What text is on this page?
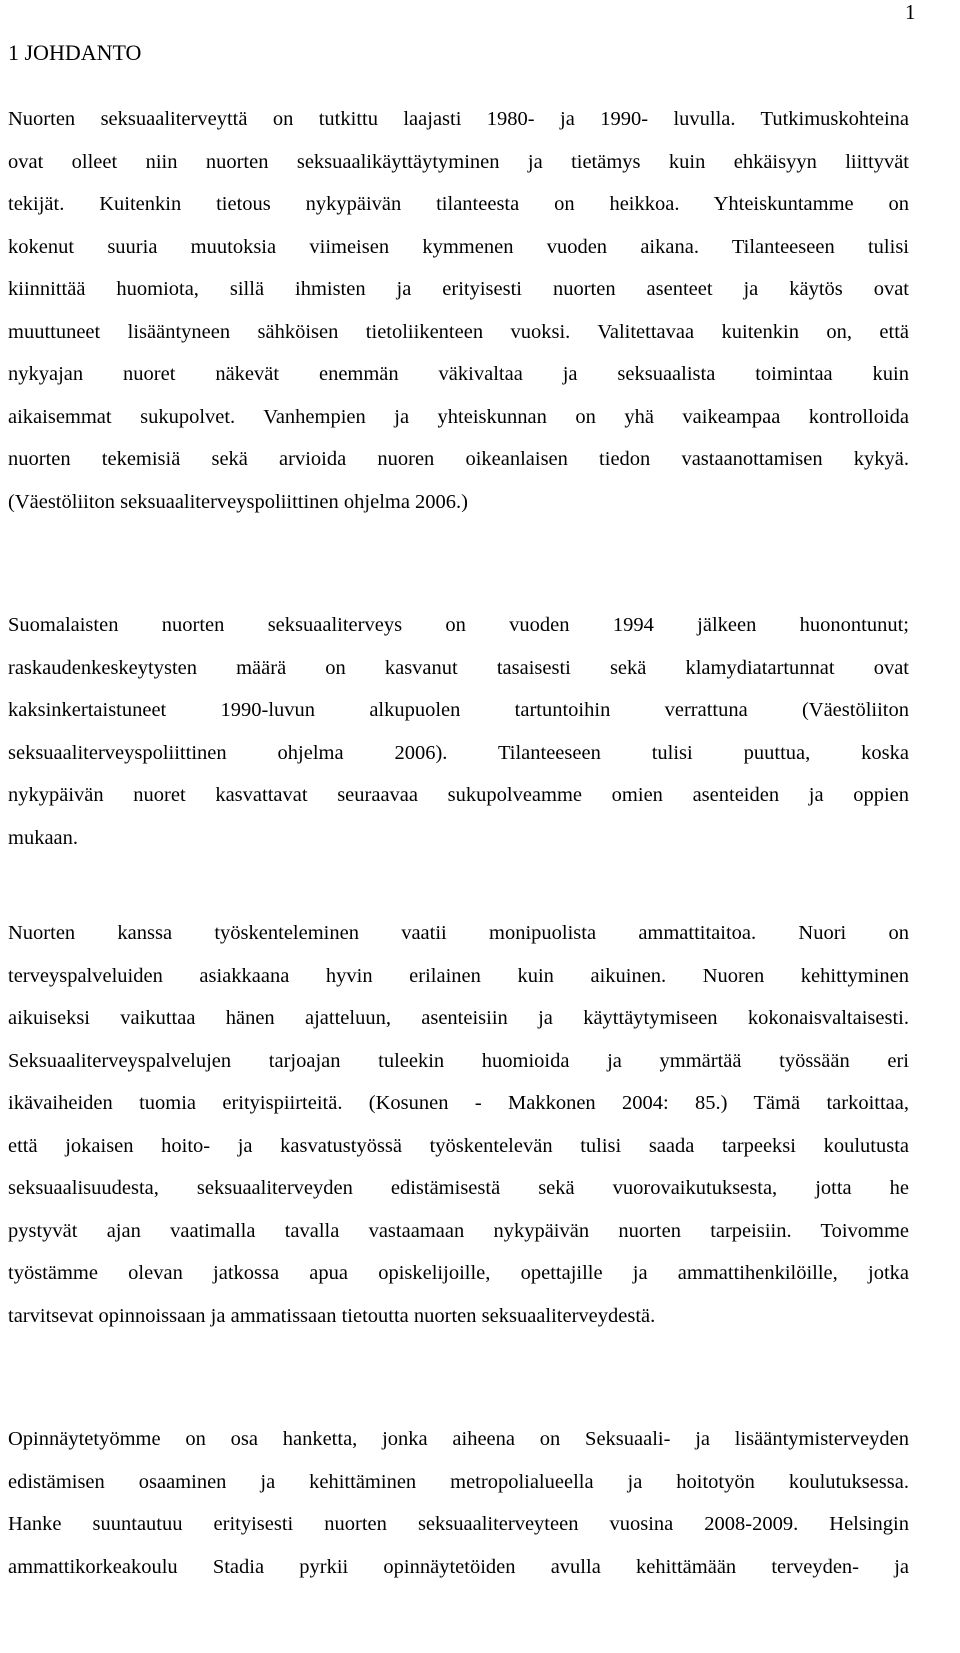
1
1 JOHDANTO
Nuorten seksuaaliterveyttä on tutkittu laajasti 1980- ja 1990- luvulla. Tutkimuskohteina
ovat olleet niin nuorten seksuaalikäyttäytyminen ja tietämys kuin ehkäisyyn liittyvät
tekijät. Kuitenkin tietous nykypäivän tilanteesta on heikkoa. Yhteiskuntamme on
kokenut suuria muutoksia viimeisen kymmenen vuoden aikana. Tilanteeseen tulisi
kiinnittää huomiota, sillä ihmisten ja erityisesti nuorten asenteet ja käytös ovat
muuttuneet lisääntyneen sähköisen tietoliikenteen vuoksi. Valitettavaa kuitenkin on, että
nykyajan nuoret näkevät enemmän väkivaltaa ja seksuaalista toimintaa kuin
aikaisemmat sukupolvet. Vanhempien ja yhteiskunnan on yhä vaikeampaa kontrolloida
nuorten tekemisiä sekä arvioida nuoren oikeanlaisen tiedon vastaanottamisen kykyä.
(Väestöliiton seksuaaliterveyspoliittinen ohjelma 2006.)
Suomalaisten nuorten seksuaaliterveys on vuoden 1994 jälkeen huonontunut;
raskaudenkeskeytysten määrä on kasvanut tasaisesti sekä klamydiatartunnat ovat
kaksinkertaistuneet 1990-luvun alkupuolen tartuntoihin verrattuna (Väestöliiton
seksuaaliterveyspoliittinen ohjelma 2006). Tilanteeseen tulisi puuttua, koska
nykypäivän nuoret kasvattavat seuraavaa sukupolveamme omien asenteiden ja oppien
mukaan.
Nuorten kanssa työskenteleminen vaatii monipuolista ammattitaitoa. Nuori on
terveyspalveluiden asiakkaana hyvin erilainen kuin aikuinen. Nuoren kehittyminen
aikuiseksi vaikuttaa hänen ajatteluun, asenteisiin ja käyttäytymiseen kokonaisvaltaisesti.
Seksuaaliterveyspalvelujen tarjoajan tuleekin huomioida ja ymmärtää työssään eri
ikävaiheiden tuomia erityispiirteitä. (Kosunen - Makkonen 2004: 85.) Tämä tarkoittaa,
että jokaisen hoito- ja kasvatustyössä työskentelevän tulisi saada tarpeeksi koulutusta
seksuaalisuudesta, seksuaaliterveyden edistämisestä sekä vuorovaikutuksesta, jotta he
pystyvät ajan vaatimalla tavalla vastaamaan nykypäivän nuorten tarpeisiin. Toivomme
työstämme olevan jatkossa apua opiskelijoille, opettajille ja ammattihenkilöille, jotka
tarvitsevat opinnoissaan ja ammatissaan tietoutta nuorten seksuaaliterveydestä.
Opinnäytetyömme on osa hanketta, jonka aiheena on Seksuaali- ja lisääntymisterveyden
edistämisen osaaminen ja kehittäminen metropolialueella ja hoitotyön koulutuksessa.
Hanke suuntautuu erityisesti nuorten seksuaaliterveyteen vuosina 2008-2009. Helsingin
ammattikorkeakoulu Stadia pyrkii opinnäytetöiden avulla kehittämään terveyden- ja
